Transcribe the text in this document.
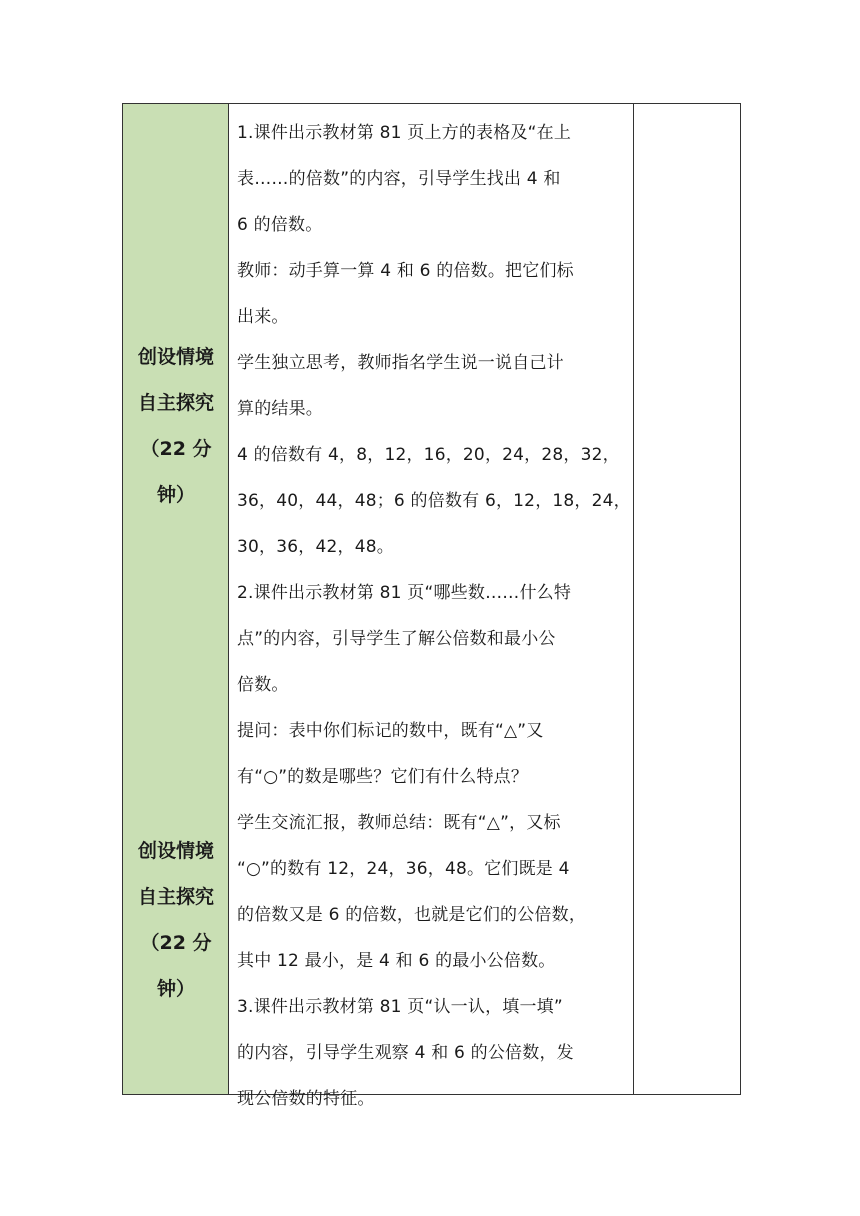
创设情境
自主探究
（22 分
钟）
创设情境
自主探究
（22 分
钟）

1.课件出示教材第 81 页上方的表格及“在上
表……的倍数”的内容，引导学生找出 4 和
6 的倍数。

教师：动手算一算 4 和 6 的倍数。把它们标
出来。

学生独立思考，教师指名学生说一说自己计
算的结果。

4 的倍数有 4，8，12，16，20，24，28，32，
36，40，44，48；6 的倍数有 6，12，18，24，
30，36，42，48。

2.课件出示教材第 81 页“哪些数……什么特
点”的内容，引导学生了解公倍数和最小公
倍数。

提问：表中你们标记的数中，既有“△”又
有“○”的数是哪些？它们有什么特点？

学生交流汇报，教师总结：既有“△”，又标
“○”的数有 12，24，36，48。它们既是 4
的倍数又是 6 的倍数，也就是它们的公倍数，
其中 12 最小，是 4 和 6 的最小公倍数。

3.课件出示教材第 81 页“认一认，填一填”
的内容，引导学生观察 4 和 6 的公倍数，发
现公倍数的特征。
